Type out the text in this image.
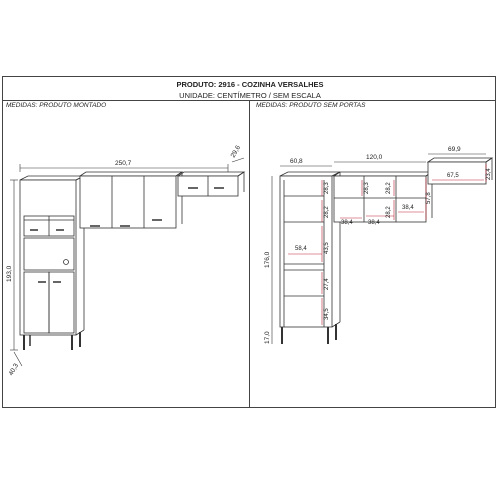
PRODUTO: 2916 - COZINHA VERSALHES
UNIDADE: CENTÍMETRO / SEM ESCALA
MEDIDAS: PRODUTO MONTADO	MEDIDAS: PRODUTO SEM PORTAS
250,7
29,6
193,0
40,3
60,8
120,0
69,9
176,0
17,0
28,3
28,2
38,4
58,4	43,5
27,4
34,5
28,3
38,4
28,2
28,2 38,4
67,5
57,8
23,4
